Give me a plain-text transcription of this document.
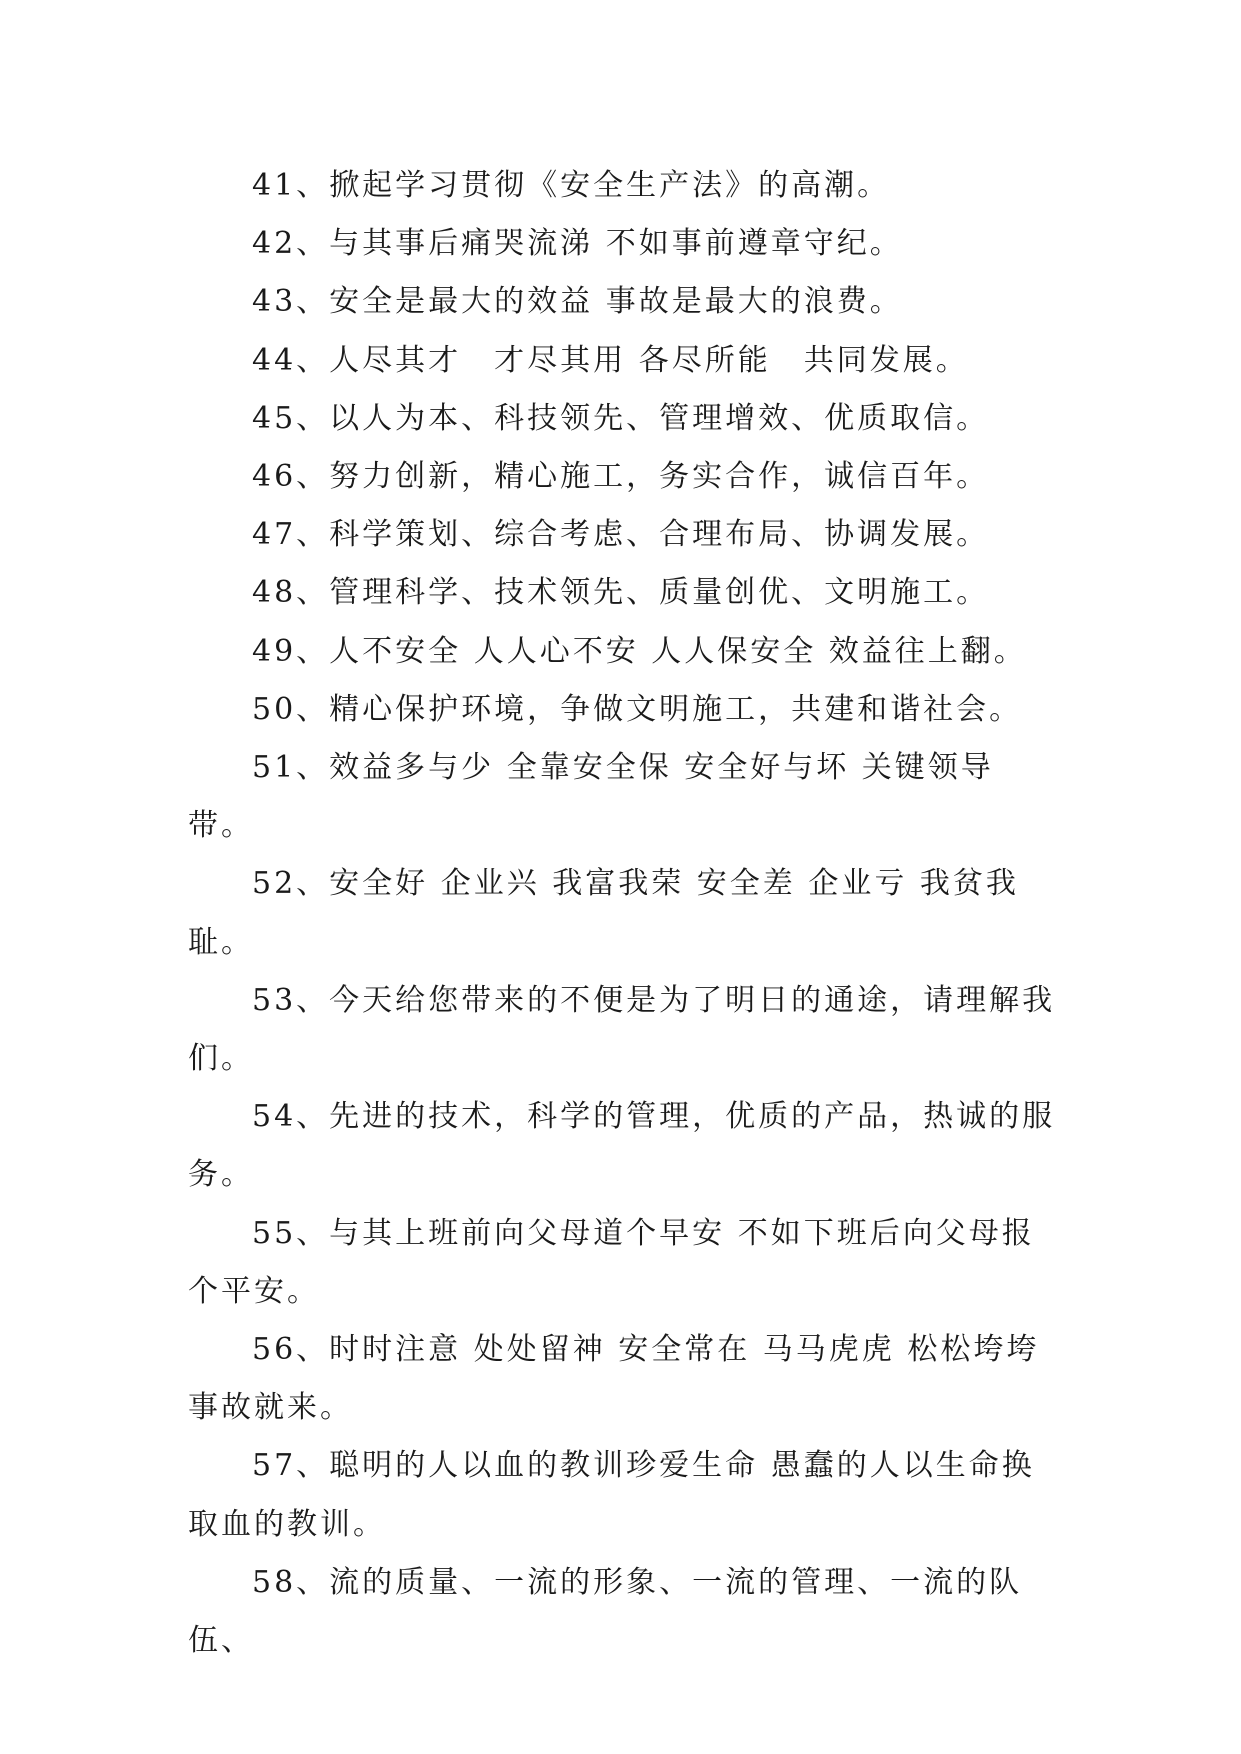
41、掀起学习贯彻《安全生产法》的高潮。

42、与其事后痛哭流涕 不如事前遵章守纪。

43、安全是最大的效益 事故是最大的浪费。

44、人尽其才　才尽其用 各尽所能　共同发展。

45、以人为本、科技领先、管理增效、优质取信。

46、努力创新，精心施工，务实合作，诚信百年。

47、科学策划、综合考虑、合理布局、协调发展。

48、管理科学、技术领先、质量创优、文明施工。

49、人不安全 人人心不安 人人保安全 效益往上翻。

50、精心保护环境，争做文明施工，共建和谐社会。

51、效益多与少 全靠安全保 安全好与坏 关键领导带。

52、安全好 企业兴 我富我荣 安全差 企业亏 我贫我耻。

53、今天给您带来的不便是为了明日的通途，请理解我们。

54、先进的技术，科学的管理，优质的产品，热诚的服务。

55、与其上班前向父母道个早安 不如下班后向父母报个平安。

56、时时注意 处处留神 安全常在 马马虎虎 松松垮垮 事故就来。

57、聪明的人以血的教训珍爱生命 愚蠢的人以生命换取血的教训。

58、流的质量、一流的形象、一流的管理、一流的队伍、
